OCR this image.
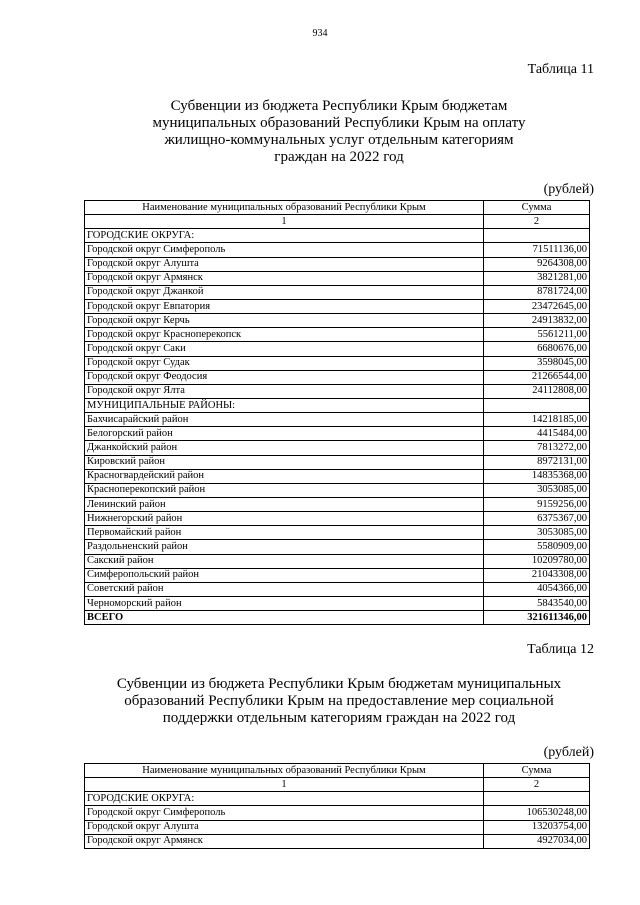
934
Таблица 11
Субвенции из бюджета Республики Крым бюджетам
муниципальных образований Республики Крым на оплату
жилищно-коммунальных услуг отдельным категориям
граждан на 2022 год
(рублей)
Наименование муниципальных образований Республики Крым	Сумма
1	2
ГОРОДСКИЕ ОКРУГА:	
Городской округ Симферополь	71511136,00
Городской округ Алушта	9264308,00
Городской округ Армянск	3821281,00
Городской округ Джанкой	8781724,00
Городской округ Евпатория	23472645,00
Городской округ Керчь	24913832,00
Городской округ Красноперекопск	5561211,00
Городской округ Саки	6680676,00
Городской округ Судак	3598045,00
Городской округ Феодосия	21266544,00
Городской округ Ялта	24112808,00
МУНИЦИПАЛЬНЫЕ РАЙОНЫ:	
Бахчисарайский район	14218185,00
Белогорский район	4415484,00
Джанкойский район	7813272,00
Кировский район	8972131,00
Красногвардейский район	14835368,00
Красноперекопский район	3053085,00
Ленинский район	9159256,00
Нижнегорский район	6375367,00
Первомайский район	3053085,00
Раздольненский район	5580909,00
Сакский район	10209780,00
Симферопольский район	21043308,00
Советский район	4054366,00
Черноморский район	5843540,00
ВСЕГО	321611346,00
Таблица 12
Субвенции из бюджета Республики Крым бюджетам муниципальных
образований Республики Крым на предоставление мер социальной
поддержки отдельным категориям граждан на 2022 год
(рублей)
Наименование муниципальных образований Республики Крым	Сумма
1	2
ГОРОДСКИЕ ОКРУГА:	
Городской округ Симферополь	106530248,00
Городской округ Алушта	13203754,00
Городской округ Армянск	4927034,00
